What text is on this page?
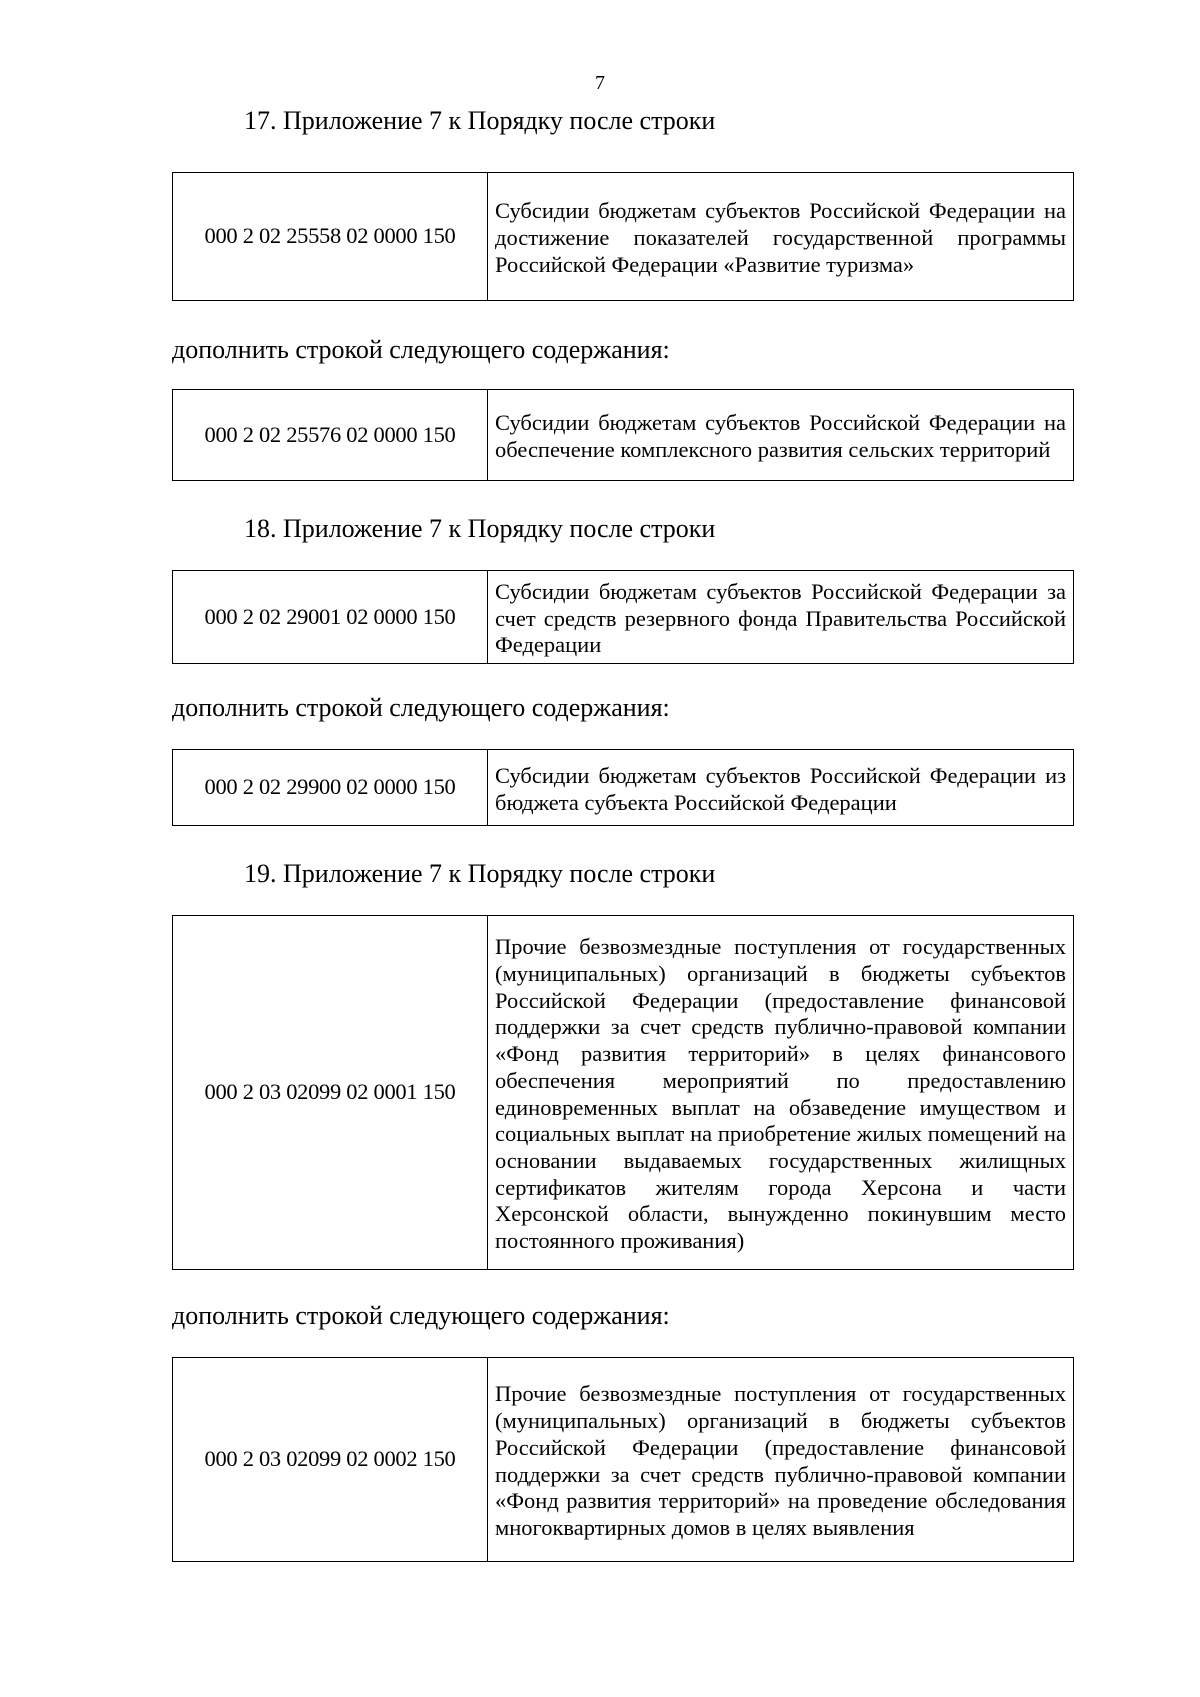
7
17. Приложение 7 к Порядку после строки
000 2 02 25558 02 0000 150	Субсидии бюджетам субъектов Российской Федерации на достижение показателей государственной программы Российской Федерации «Развитие туризма»
дополнить строкой следующего содержания:
000 2 02 25576 02 0000 150	Субсидии бюджетам субъектов Российской Федерации на обеспечение комплексного развития сельских территорий
18. Приложение 7 к Порядку после строки
000 2 02 29001 02 0000 150	Субсидии бюджетам субъектов Российской Федерации за счет средств резервного фонда Правительства Российской Федерации
дополнить строкой следующего содержания:
000 2 02 29900 02 0000 150	Субсидии бюджетам субъектов Российской Федерации из бюджета субъекта Российской Федерации
19. Приложение 7 к Порядку после строки
000 2 03 02099 02 0001 150	Прочие безвозмездные поступления от государственных (муниципальных) организаций в бюджеты субъектов Российской Федерации (предоставление финансовой поддержки за счет средств публично-правовой компании «Фонд развития территорий» в целях финансового обеспечения мероприятий по предоставлению единовременных выплат на обзаведение имуществом и социальных выплат на приобретение жилых помещений на основании выдаваемых государственных жилищных сертификатов жителям города Херсона и части Херсонской области, вынужденно покинувшим место постоянного проживания)
дополнить строкой следующего содержания:
000 2 03 02099 02 0002 150	Прочие безвозмездные поступления от государственных (муниципальных) организаций в бюджеты субъектов Российской Федерации (предоставление финансовой поддержки за счет средств публично-правовой компании «Фонд развития территорий» на проведение обследования многоквартирных домов в целях выявления
